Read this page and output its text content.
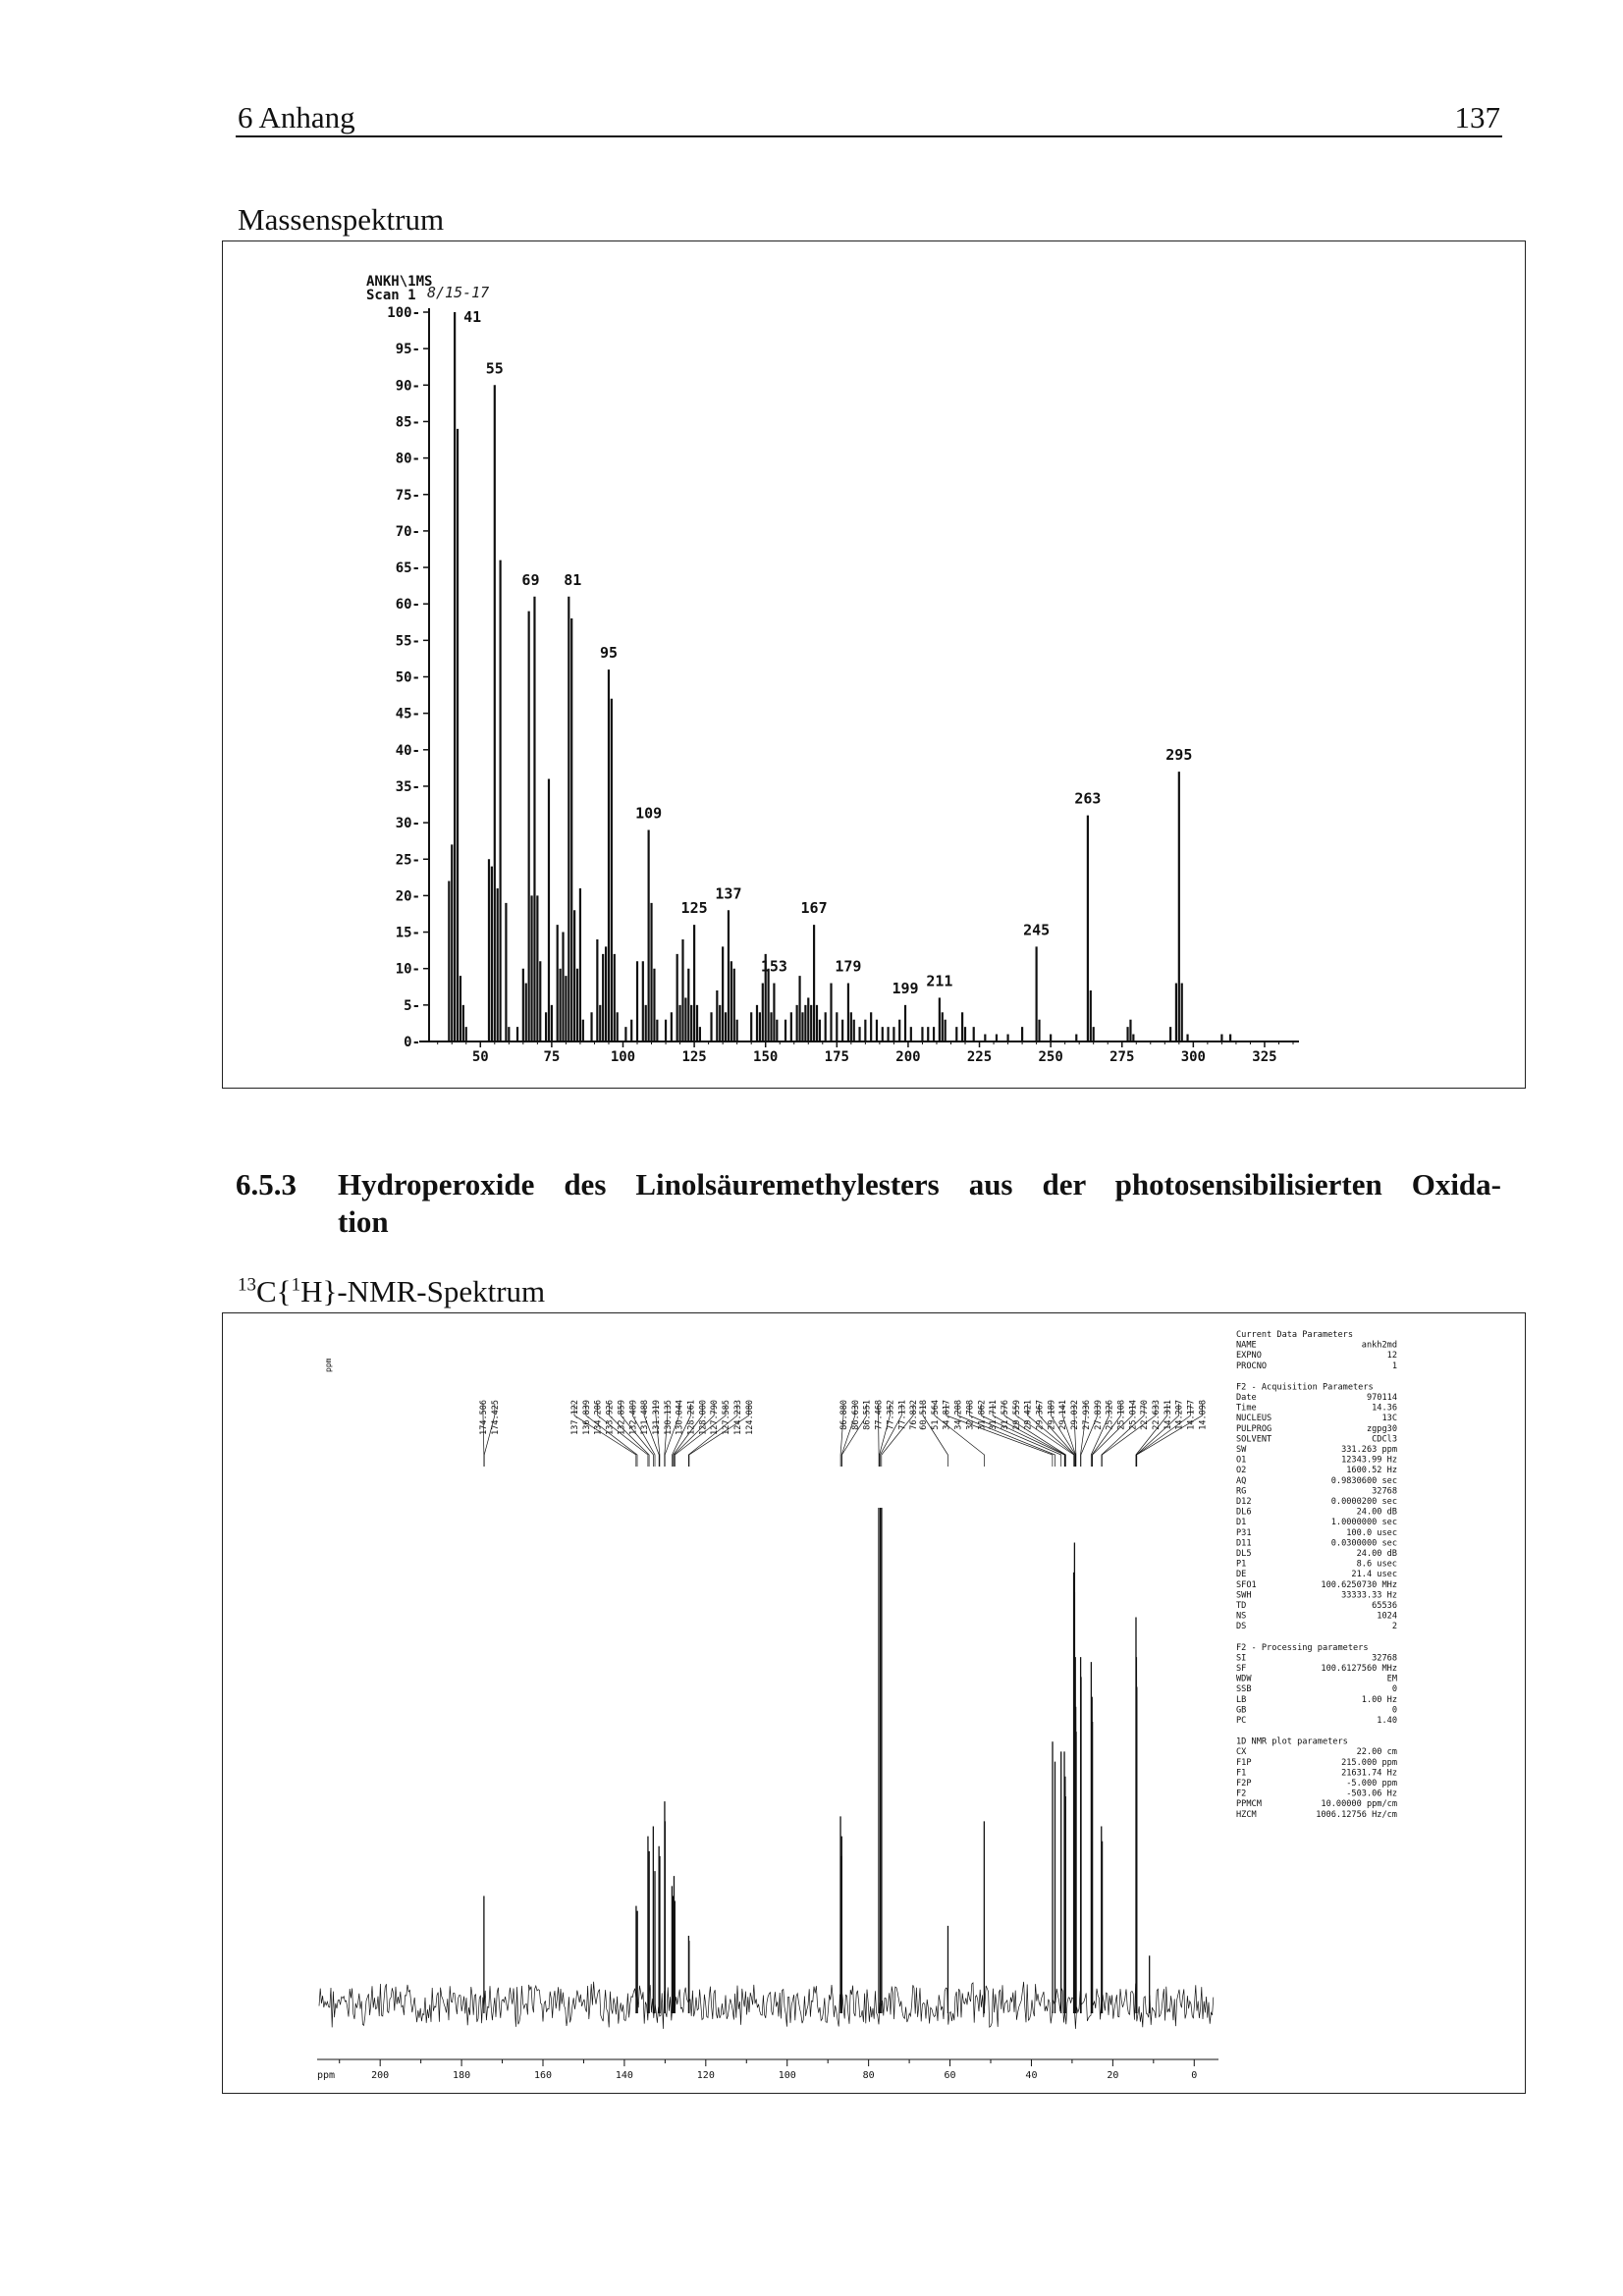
6 Anhang	137
Massenspektrum
0-
5-
10-
15-
20-
25-
30-
35-
40-
45-
50-
55-
60-
65-
70-
75-
80-
85-
90-
95-
100-
50	75	100	125	150	175	200	225	250	275	300	325
41
55
69 81
95
109
125
137
153
167
179
199 211
245
263
295
ANKH\1MS
Scan 1 8/15-17
6.5.3 Hydroperoxide des Linolsäuremethylesters aus der photosensibilisierten Oxida-
tion
$^{13}$C{$^1$H}-NMR-Spektrum
200	180	160	140	120	100	80	60	40	20	0
ppm
ppm
174.506 174.425	137.122 136.839 134.206 133.926 132.859 132.489 131.488 131.319 130.135 130.044 128.261 128.000 127.790 127.585 124.233 124.080	86.880 86.630 86.551 77.468 77.352 77.131 76.832 60.518 51.564 34.817 34.208 32.708 31.862 31.711 31.576 29.559 29.421 29.367 29.189 29.141 29.032 27.936 27.839 25.326 25.108 25.014 22.770 22.633 14.311 14.207 14.177 14.098
Current Data Parameters
NAME	ankh2md
EXPNO	12
PROCNO	1
F2 - Acquisition Parameters
Date	970114
Time	14.36
NUCLEUS	13C
PULPROG	zgpg30
SOLVENT	CDCl3
SW	331.263 ppm
O1	12343.99 Hz
O2	1600.52 Hz
AQ	0.9830600 sec
RG	32768
D12	0.0000200 sec
DL6	24.00 dB
D1	1.0000000 sec
P31	100.0 usec
D11	0.0300000 sec
DL5	24.00 dB
P1	8.6 usec
DE	21.4 usec
SFO1	100.6250730 MHz
SWH	33333.33 Hz
TD	65536
NS	1024
DS	2
F2 - Processing parameters
SI	32768
SF	100.6127560 MHz
WDW	EM
SSB	0
LB	1.00 Hz
GB	0
PC	1.40
1D NMR plot parameters
CX	22.00 cm
F1P	215.000 ppm
F1	21631.74 Hz
F2P	-5.000 ppm
F2	-503.06 Hz
PPMCM	10.00000 ppm/cm
HZCM	1006.12756 Hz/cm
